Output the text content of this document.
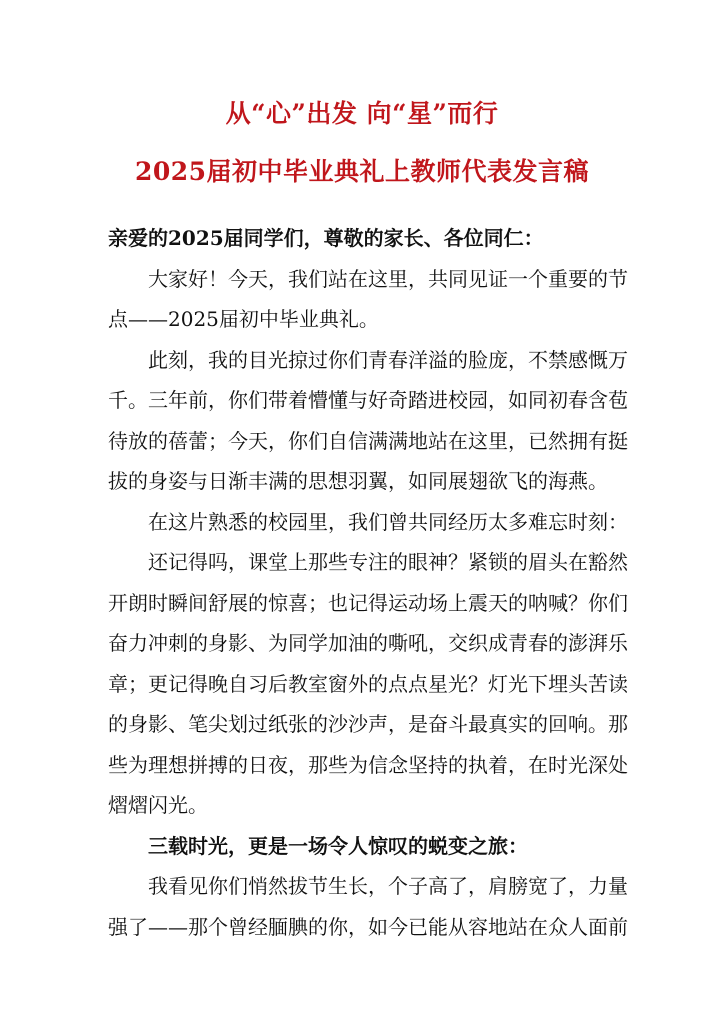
从“心”出发 向“星”而行
2025届初中毕业典礼上教师代表发言稿
亲爱的2025届同学们，尊敬的家长、各位同仁：
大家好！今天，我们站在这里，共同见证一个重要的节
点——2025届初中毕业典礼。
此刻，我的目光掠过你们青春洋溢的脸庞，不禁感慨万
千。三年前，你们带着懵懂与好奇踏进校园，如同初春含苞
待放的蓓蕾；今天，你们自信满满地站在这里，已然拥有挺
拔的身姿与日渐丰满的思想羽翼，如同展翅欲飞的海燕。
在这片熟悉的校园里，我们曾共同经历太多难忘时刻：
还记得吗，课堂上那些专注的眼神？紧锁的眉头在豁然
开朗时瞬间舒展的惊喜；也记得运动场上震天的呐喊？你们
奋力冲刺的身影、为同学加油的嘶吼，交织成青春的澎湃乐
章；更记得晚自习后教室窗外的点点星光？灯光下埋头苦读
的身影、笔尖划过纸张的沙沙声，是奋斗最真实的回响。那
些为理想拼搏的日夜，那些为信念坚持的执着，在时光深处
熠熠闪光。
三载时光，更是一场令人惊叹的蜕变之旅：
我看见你们悄然拔节生长，个子高了，肩膀宽了，力量
强了——那个曾经腼腆的你，如今已能从容地站在众人面前
